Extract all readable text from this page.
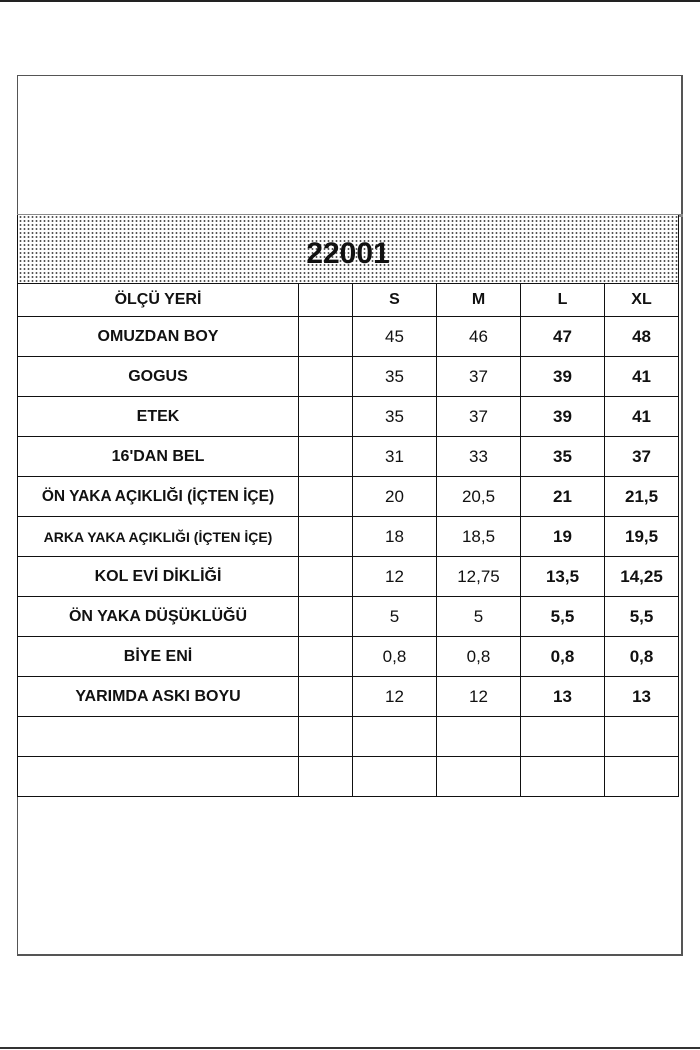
22001					
ÖLÇÜ YERİ		S	M	L	XL
OMUZDAN BOY		45	46	47	48
GOGUS		35	37	39	41
ETEK		35	37	39	41
16'DAN BEL		31	33	35	37
ÖN YAKA AÇIKLIĞI (İÇTEN İÇE)		20	20,5	21	21,5
ARKA YAKA AÇIKLIĞI (İÇTEN İÇE)		18	18,5	19	19,5
KOL EVİ DİKLİĞİ		12	12,75	13,5	14,25
ÖN YAKA DÜŞÜKLÜĞÜ		5	5	5,5	5,5
BİYE ENİ		0,8	0,8	0,8	0,8
YARIMDA ASKI BOYU		12	12	13	13
